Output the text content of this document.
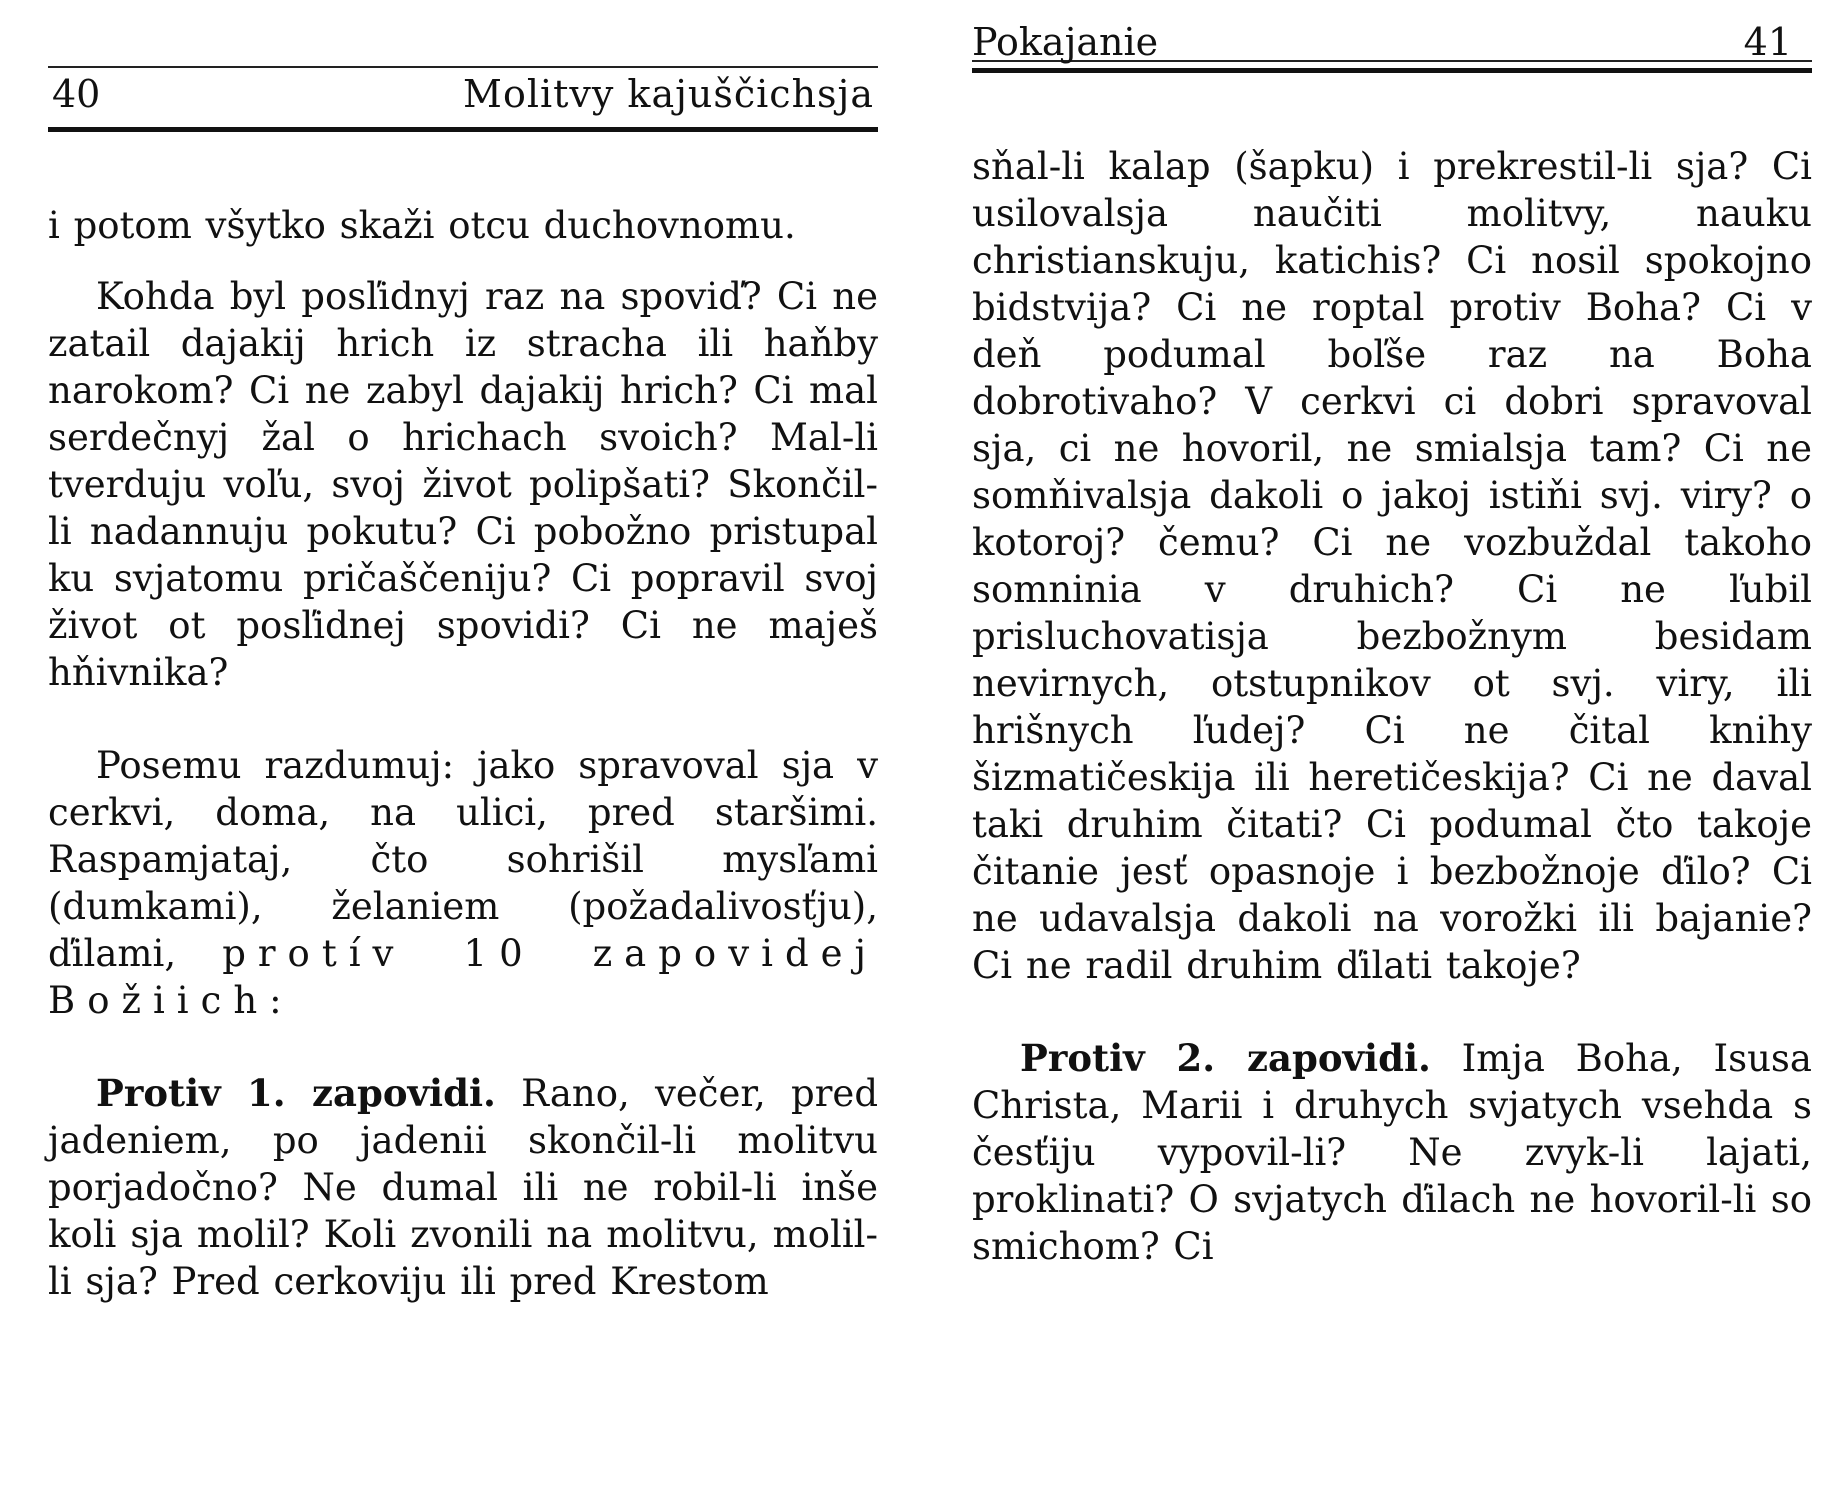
40	Molitvy kajuščichsja

i potom všytko skaži otcu duchovnomu.

Kohda byl posľidnyj raz na spoviď? Ci ne zatail dajakij hrich iz stracha ili haňby narokom? Ci ne zabyl dajakij hrich? Ci mal serdečnyj žal o hrichach svoich? Mal-li tverduju voľu, svoj život polipšati? Skončil-li nadannuju pokutu? Ci pobožno pristupal ku svjatomu pričaščeniju? Ci popravil svoj život ot posľidnej spovidi? Ci ne maješ hňivnika?

Posemu razdumuj: jako spravoval sja v cerkvi, doma, na ulici, pred staršimi. Raspamjataj, čto sohrišil mysľami (dumkami), želaniem (požadalivosťju), ďilami, protív 10 zapovidej Božiich:

Protiv 1. zapovidi. Rano, večer, pred jadeniem, po jadenii skončil-li molitvu porjadočno? Ne dumal ili ne robil-li inše koli sja molil? Koli zvonili na molitvu, molil-li sja? Pred cerkoviju ili pred Krestom

Pokajanie	41

sňal-li kalap (šapku) i prekrestil-li sja? Ci usilovalsja naučiti molitvy, nauku christianskuju, katichis? Ci nosil spokojno bidstvija? Ci ne roptal protiv Boha? Ci v deň podumal boľše raz na Boha dobrotivaho? V cerkvi ci dobri spravoval sja, ci ne hovoril, ne smialsja tam? Ci ne somňivalsja dakoli o jakoj istiňi svj. viry? o kotoroj? čemu? Ci ne vozbuždal takoho somninia v druhich? Ci ne ľubil prisluchovatisja bezbožnym besidam nevirnych, otstupnikov ot svj. viry, ili hrišnych ľudej? Ci ne čital knihy šizmatičeskija ili heretičeskija? Ci ne daval taki druhim čitati? Ci podumal čto takoje čitanie jesť opasnoje i bezbožnoje ďilo? Ci ne udavalsja dakoli na vorožki ili bajanie? Ci ne radil druhim ďilati takoje?

Protiv 2. zapovidi. Imja Boha, Isusa Christa, Marii i druhych svjatych vsehda s česťiju vypovil-li? Ne zvyk-li lajati, proklinati? O svjatych ďilach ne hovoril-li so smichom? Ci
